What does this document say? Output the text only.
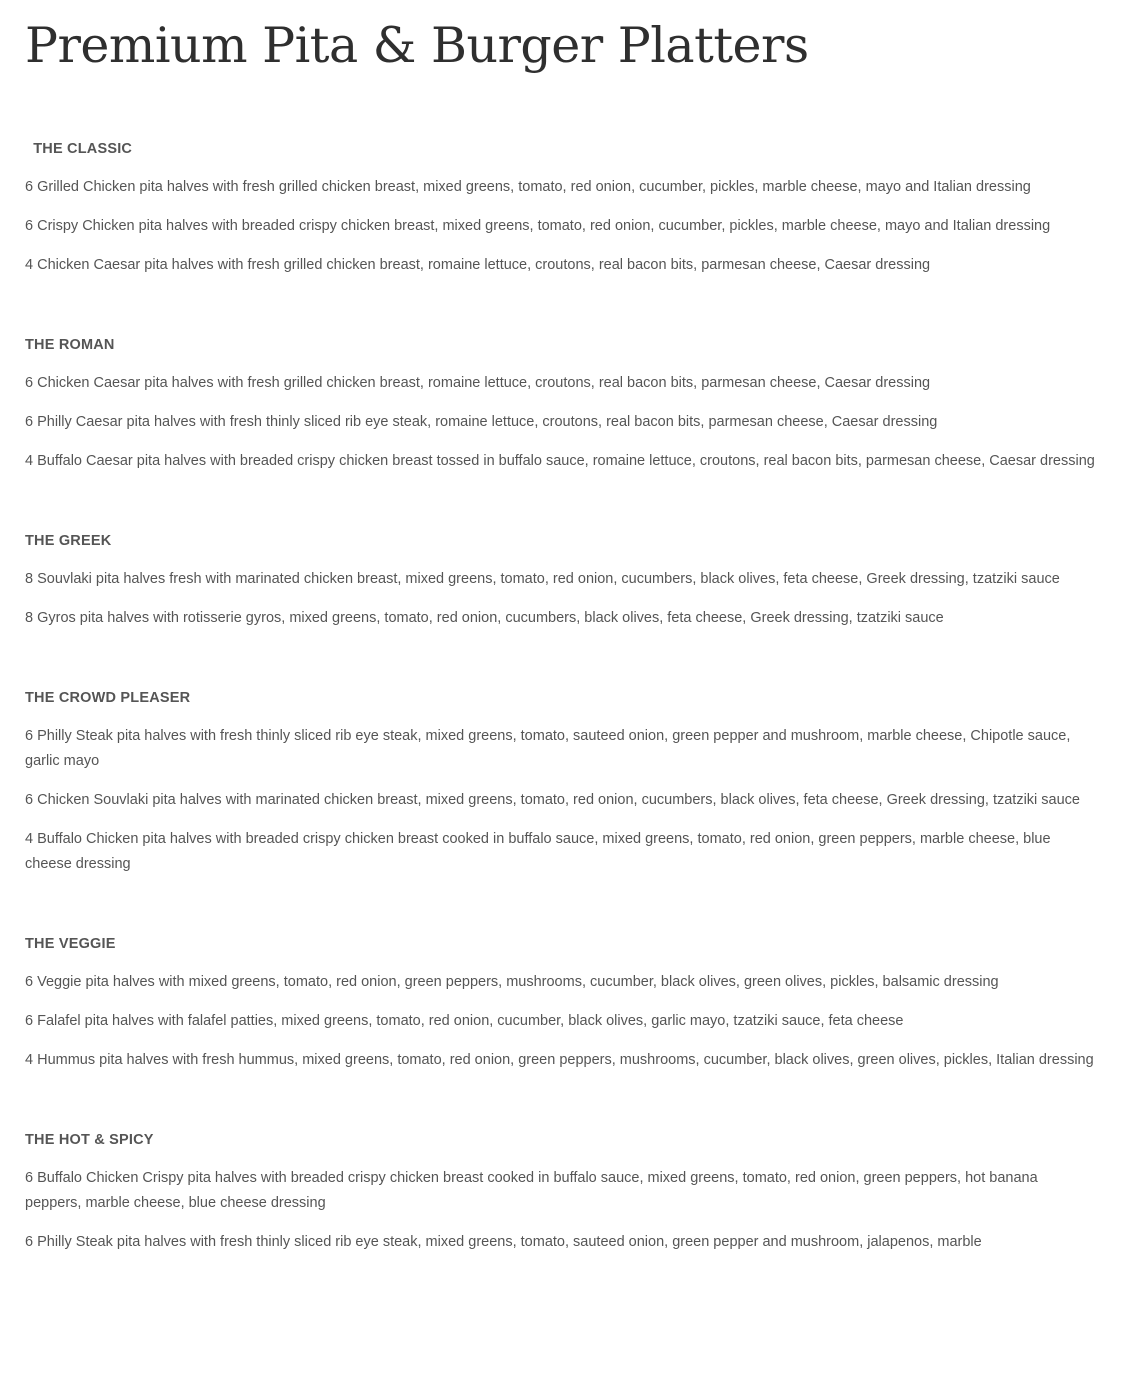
Premium Pita & Burger Platters
THE CLASSIC

6 Grilled Chicken pita halves with fresh grilled chicken breast, mixed greens, tomato, red onion, cucumber, pickles, marble cheese, mayo and Italian dressing

6 Crispy Chicken pita halves with breaded crispy chicken breast, mixed greens, tomato, red onion, cucumber, pickles, marble cheese, mayo and Italian dressing

4 Chicken Caesar pita halves with fresh grilled chicken breast, romaine lettuce, croutons, real bacon bits, parmesan cheese, Caesar dressing

THE ROMAN

6 Chicken Caesar pita halves with fresh grilled chicken breast, romaine lettuce, croutons, real bacon bits, parmesan cheese, Caesar dressing

6 Philly Caesar pita halves with fresh thinly sliced rib eye steak, romaine lettuce, croutons, real bacon bits, parmesan cheese, Caesar dressing

4 Buffalo Caesar pita halves with breaded crispy chicken breast tossed in buffalo sauce, romaine lettuce, croutons, real bacon bits, parmesan cheese, Caesar dressing

THE GREEK

8 Souvlaki pita halves fresh with marinated chicken breast, mixed greens, tomato, red onion, cucumbers, black olives, feta cheese, Greek dressing, tzatziki sauce

8 Gyros pita halves with rotisserie gyros, mixed greens, tomato, red onion, cucumbers, black olives, feta cheese, Greek dressing, tzatziki sauce

THE CROWD PLEASER

6 Philly Steak pita halves with fresh thinly sliced rib eye steak, mixed greens, tomato, sauteed onion, green pepper and mushroom, marble cheese, Chipotle sauce, garlic mayo

6 Chicken Souvlaki pita halves with marinated chicken breast, mixed greens, tomato, red onion, cucumbers, black olives, feta cheese, Greek dressing, tzatziki sauce

4 Buffalo Chicken pita halves with breaded crispy chicken breast cooked in buffalo sauce, mixed greens, tomato, red onion, green peppers, marble cheese, blue cheese dressing

THE VEGGIE

6 Veggie pita halves with mixed greens, tomato, red onion, green peppers, mushrooms, cucumber, black olives, green olives, pickles, balsamic dressing

6 Falafel pita halves with falafel patties, mixed greens, tomato, red onion, cucumber, black olives, garlic mayo, tzatziki sauce, feta cheese

4 Hummus pita halves with fresh hummus, mixed greens, tomato, red onion, green peppers, mushrooms, cucumber, black olives, green olives, pickles, Italian dressing

THE HOT & SPICY

6 Buffalo Chicken Crispy pita halves with breaded crispy chicken breast cooked in buffalo sauce, mixed greens, tomato, red onion, green peppers, hot banana peppers, marble cheese, blue cheese dressing

6 Philly Steak pita halves with fresh thinly sliced rib eye steak, mixed greens, tomato, sauteed onion, green pepper and mushroom, jalapenos, marble
